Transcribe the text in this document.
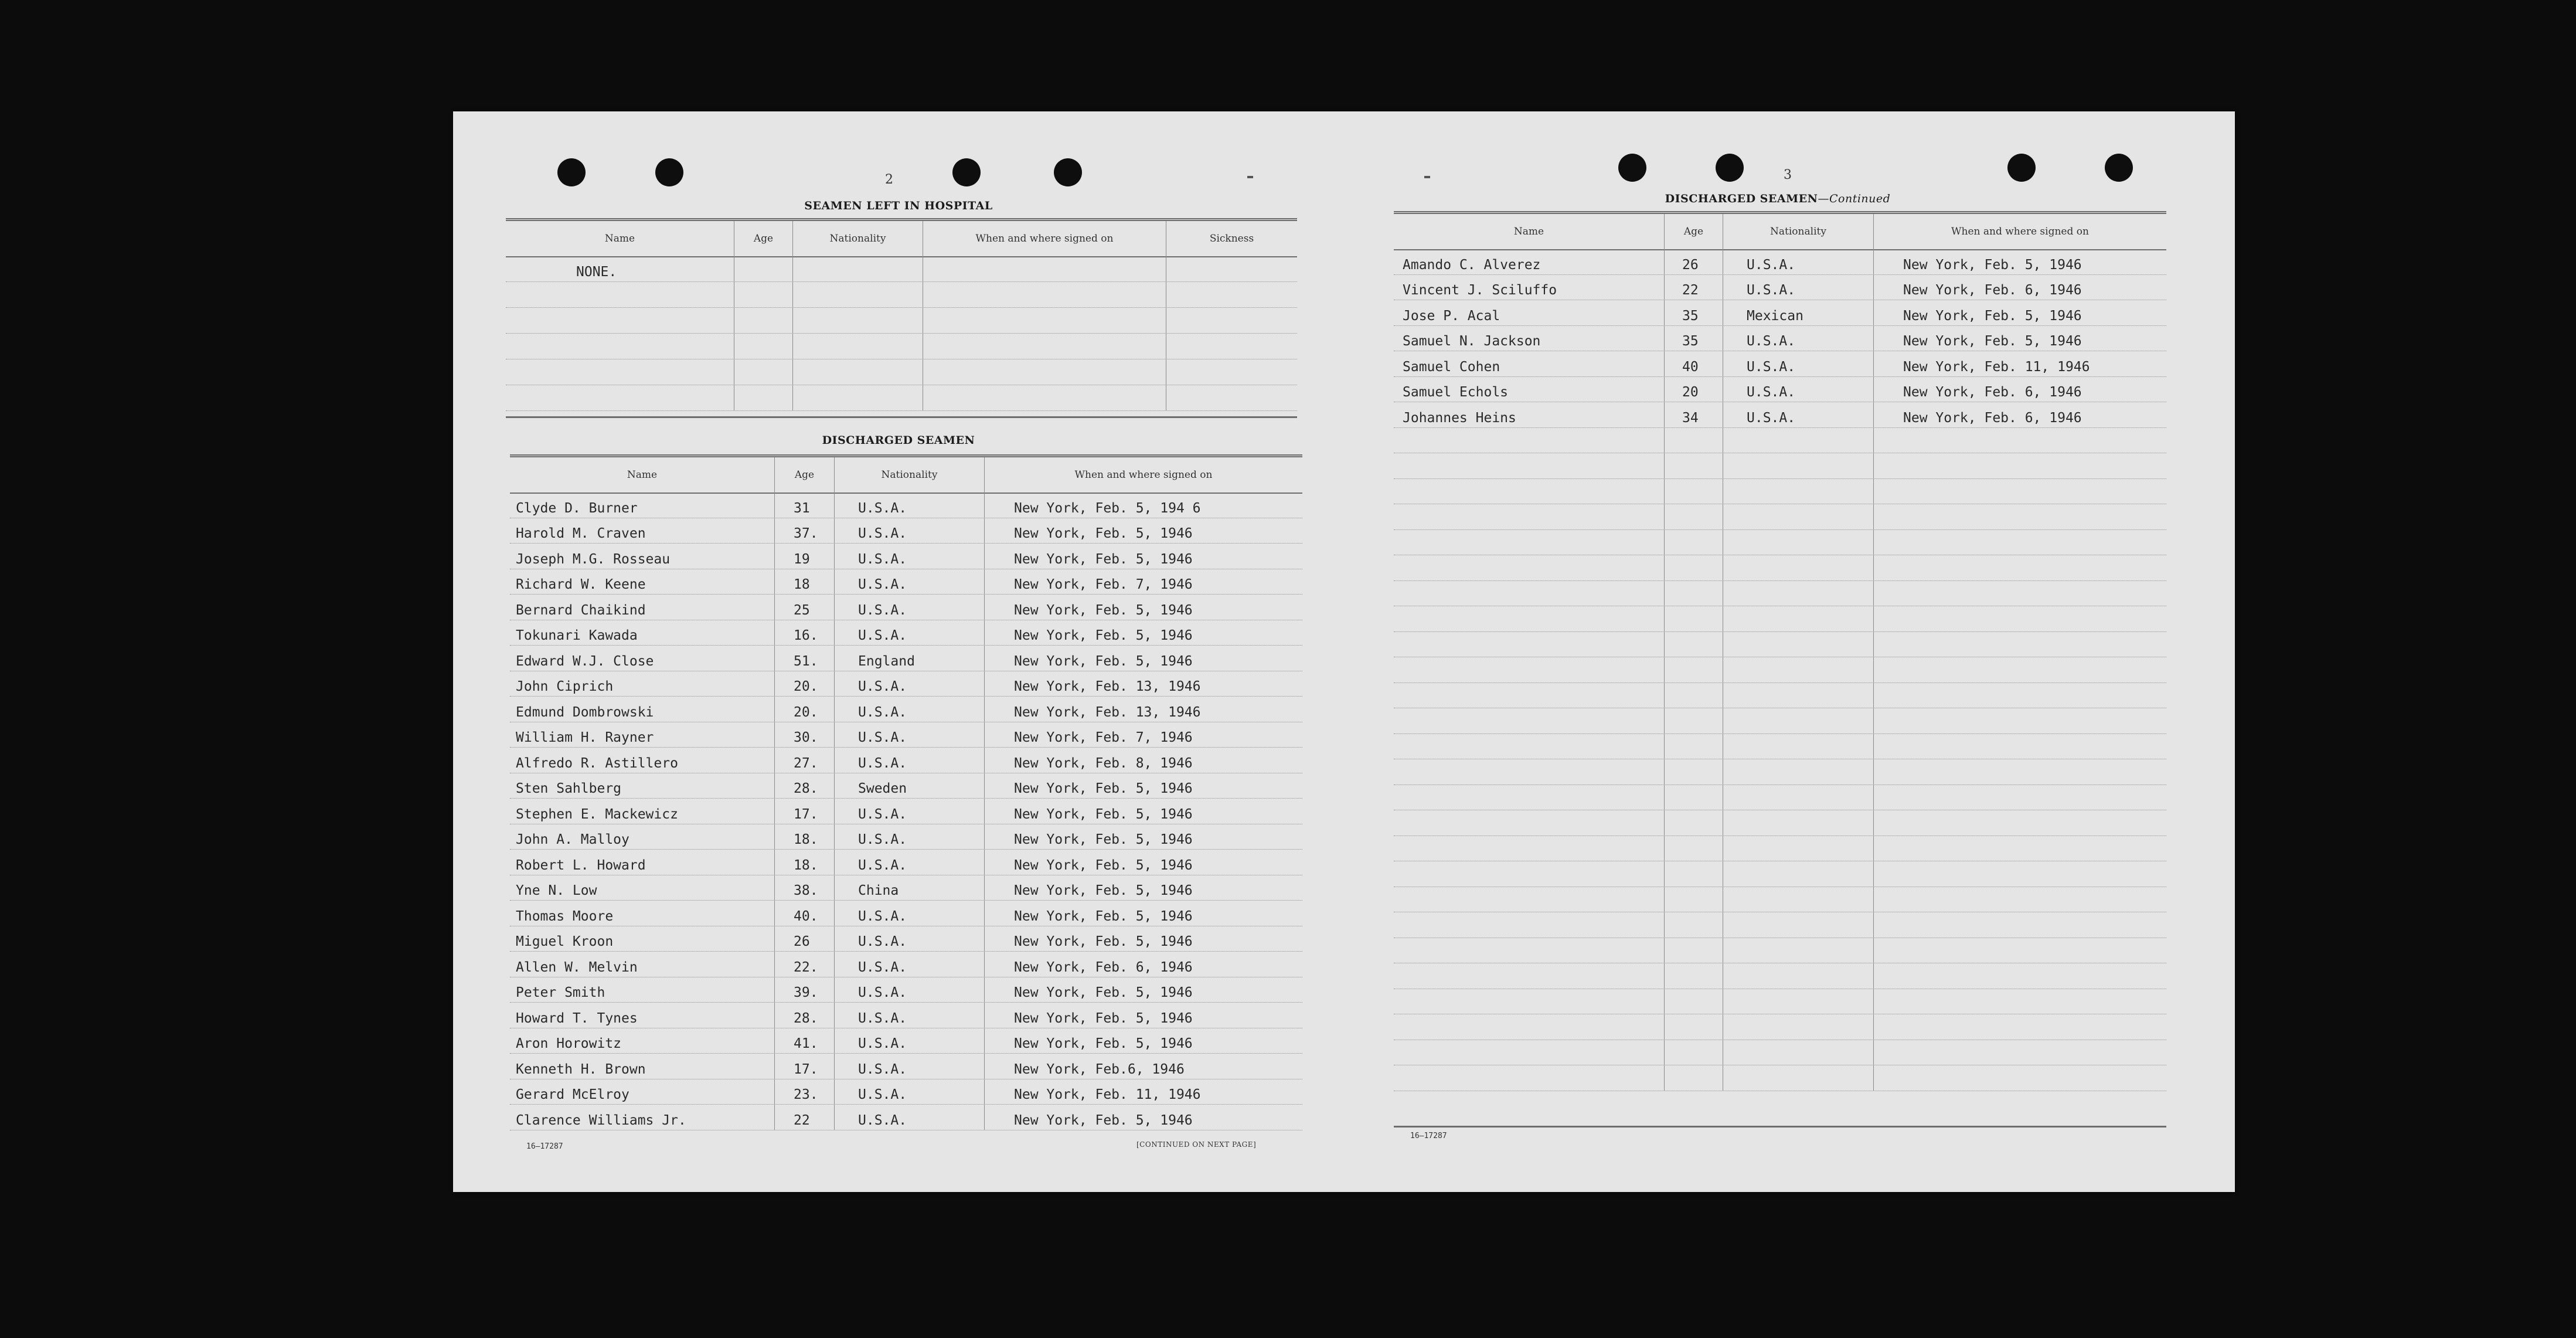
2
SEAMEN LEFT IN HOSPITAL
Name	Age	Nationality	When and where signed on	Sickness
NONE.
DISCHARGED SEAMEN
Name	Age	Nationality	When and where signed on
Clyde D. Burner	31	U.S.A.	New York, Feb. 5, 194 6
Harold M. Craven	37.	U.S.A.	New York, Feb. 5, 1946
Joseph M.G. Rosseau	19	U.S.A.	New York, Feb. 5, 1946
Richard W. Keene	18	U.S.A.	New York, Feb. 7, 1946
Bernard Chaikind	25	U.S.A.	New York, Feb. 5, 1946
Tokunari Kawada	16.	U.S.A.	New York, Feb. 5, 1946
Edward W.J. Close	51.	England	New York, Feb. 5, 1946
John Ciprich	20.	U.S.A.	New York, Feb. 13, 1946
Edmund Dombrowski	20.	U.S.A.	New York, Feb. 13, 1946
William H. Rayner	30.	U.S.A.	New York, Feb. 7, 1946
Alfredo R. Astillero	27.	U.S.A.	New York, Feb. 8, 1946
Sten Sahlberg	28.	Sweden	New York, Feb. 5, 1946
Stephen E. Mackewicz	17.	U.S.A.	New York, Feb. 5, 1946
John A. Malloy	18.	U.S.A.	New York, Feb. 5, 1946
Robert L. Howard	18.	U.S.A.	New York, Feb. 5, 1946
Yne N. Low	38.	China	New York, Feb. 5, 1946
Thomas Moore	40.	U.S.A.	New York, Feb. 5, 1946
Miguel Kroon	26	U.S.A.	New York, Feb. 5, 1946
Allen W. Melvin	22.	U.S.A.	New York, Feb. 6, 1946
Peter Smith	39.	U.S.A.	New York, Feb. 5, 1946
Howard T. Tynes	28.	U.S.A.	New York, Feb. 5, 1946
Aron Horowitz	41.	U.S.A.	New York, Feb. 5, 1946
Kenneth H. Brown	17.	U.S.A.	New York, Feb.6, 1946
Gerard McElroy	23.	U.S.A.	New York, Feb. 11, 1946
Clarence Williams Jr.	22	U.S.A.	New York, Feb. 5, 1946
16—17287	[CONTINUED ON NEXT PAGE]
3
DISCHARGED SEAMEN—Continued
Name	Age	Nationality	When and where signed on
Amando C. Alverez	26	U.S.A.	New York, Feb. 5, 1946
Vincent J. Sciluffo	22	U.S.A.	New York, Feb. 6, 1946
Jose P. Acal	35	Mexican	New York, Feb. 5, 1946
Samuel N. Jackson	35	U.S.A.	New York, Feb. 5, 1946
Samuel Cohen	40	U.S.A.	New York, Feb. 11, 1946
Samuel Echols	20	U.S.A.	New York, Feb. 6, 1946
Johannes Heins	34	U.S.A.	New York, Feb. 6, 1946
16—17287
